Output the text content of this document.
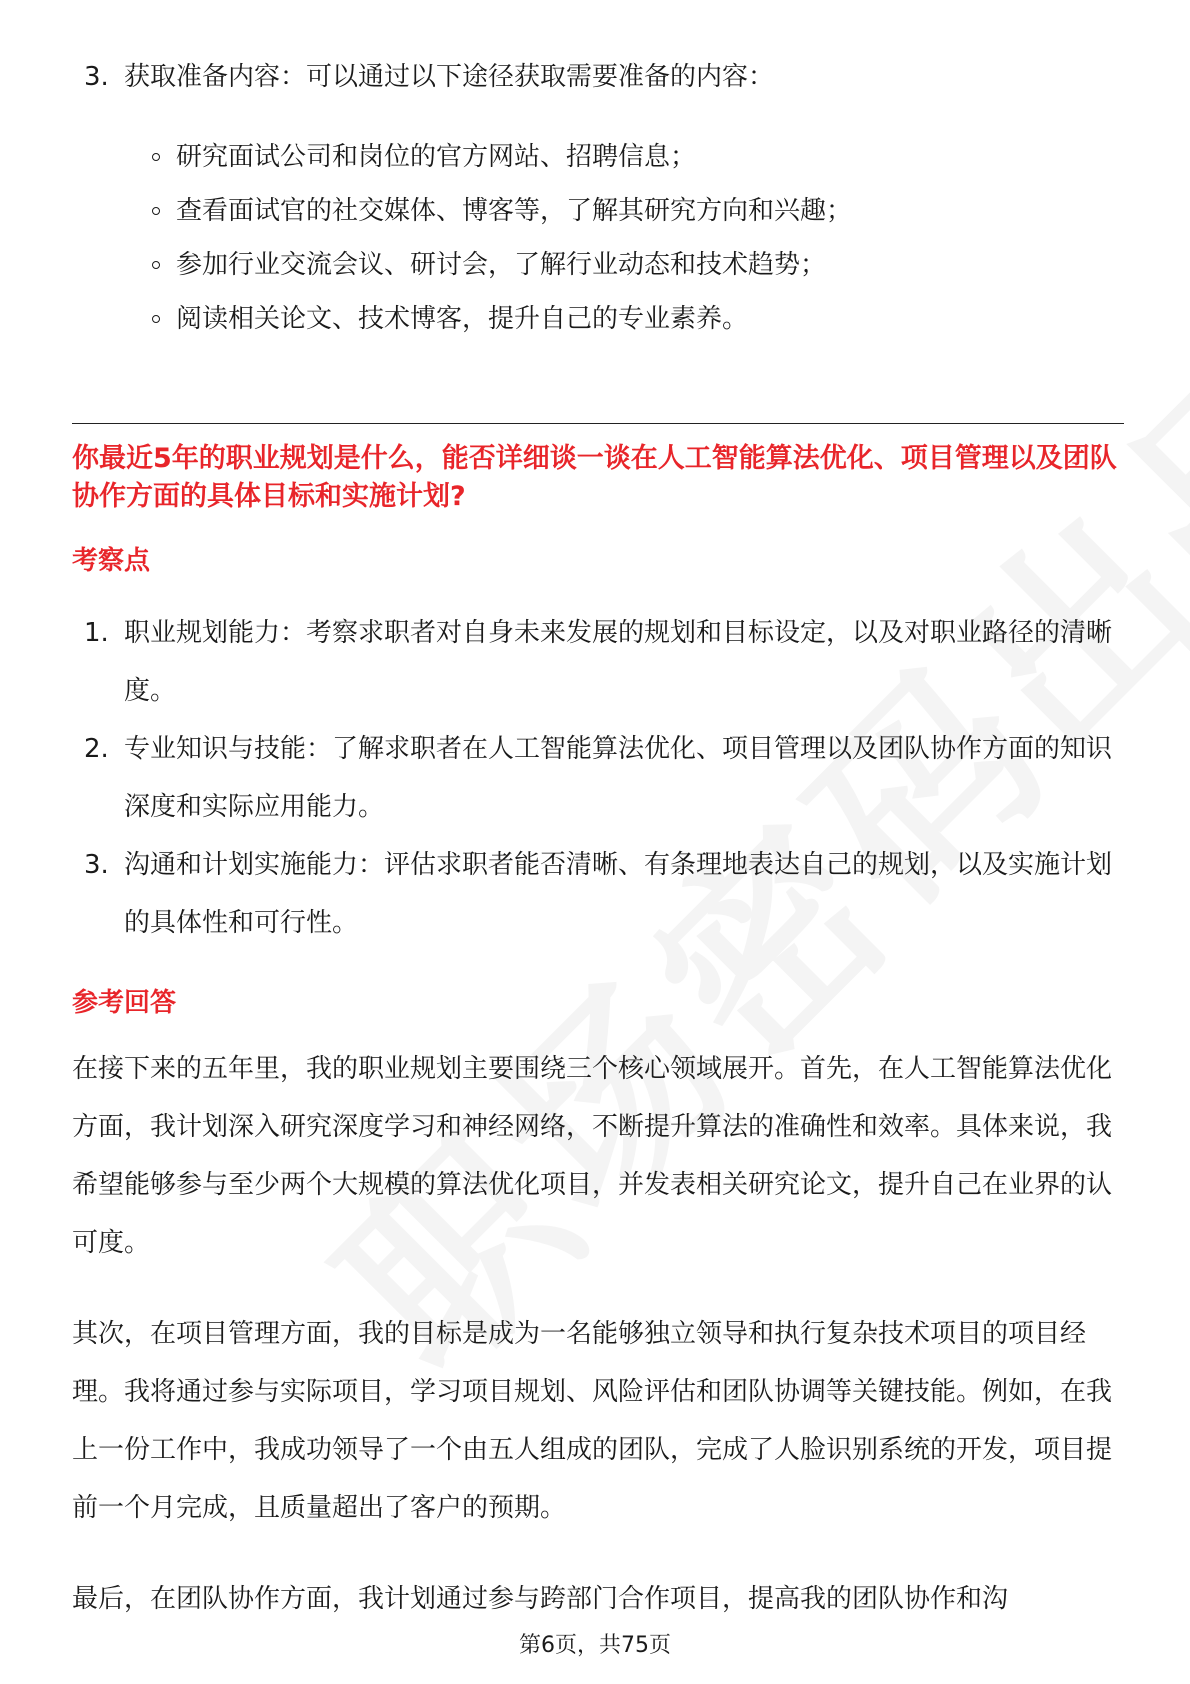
3. 获取准备内容：可以通过以下途径获取需要准备的内容：
研究面试公司和岗位的官方网站、招聘信息；
查看面试官的社交媒体、博客等，了解其研究方向和兴趣；
参加行业交流会议、研讨会，了解行业动态和技术趋势；
阅读相关论文、技术博客，提升自己的专业素养。
你最近5年的职业规划是什么，能否详细谈一谈在人工智能算法优化、项目管理以及团队协作方面的具体目标和实施计划?
考察点
1. 职业规划能力：考察求职者对自身未来发展的规划和目标设定，以及对职业路径的清晰度。
2. 专业知识与技能：了解求职者在人工智能算法优化、项目管理以及团队协作方面的知识深度和实际应用能力。
3. 沟通和计划实施能力：评估求职者能否清晰、有条理地表达自己的规划，以及实施计划的具体性和可行性。
参考回答

在接下来的五年里，我的职业规划主要围绕三个核心领域展开。首先，在人工智能算法优化方面，我计划深入研究深度学习和神经网络，不断提升算法的准确性和效率。具体来说，我希望能够参与至少两个大规模的算法优化项目，并发表相关研究论文，提升自己在业界的认可度。

其次，在项目管理方面，我的目标是成为一名能够独立领导和执行复杂技术项目的项目经理。我将通过参与实际项目，学习项目规划、风险评估和团队协调等关键技能。例如，在我上一份工作中，我成功领导了一个由五人组成的团队，完成了人脸识别系统的开发，项目提前一个月完成，且质量超出了客户的预期。

最后，在团队协作方面，我计划通过参与跨部门合作项目，提高我的团队协作和沟

第6页，共75页
